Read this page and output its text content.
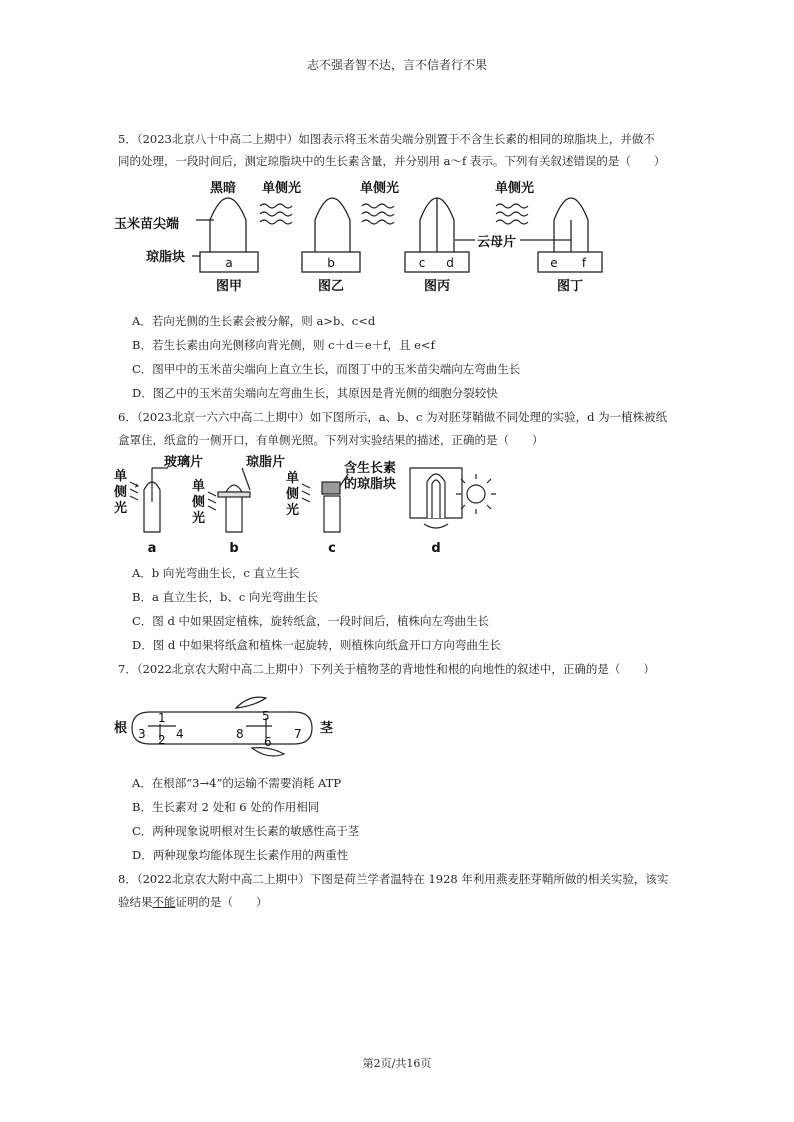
志不强者智不达，言不信者行不果
5．（2023北京八十中高二上期中）如图表示将玉米苗尖端分别置于不含生长素的相同的琼脂块上，并做不
同的处理，一段时间后，测定琼脂块中的生长素含量，并分别用 a～f 表示。下列有关叙述错误的是（　　）
黑暗 单侧光	单侧光	单侧光
玉米苗尖端
琼脂块
云母片
a	b	c d	e f
图甲	图乙	图丙	图丁
A．若向光侧的生长素会被分解，则 a>b、c<d
B．若生长素由向光侧移向背光侧，则 c＋d＝e＋f，且 e<f
C．图甲中的玉米苗尖端向上直立生长，而图丁中的玉米苗尖端向左弯曲生长
D．图乙中的玉米苗尖端向左弯曲生长，其原因是背光侧的细胞分裂较快
6．（2023北京一六六中高二上期中）如下图所示，a、b、c 为对胚芽鞘做不同处理的实验，d 为一植株被纸
盒罩住，纸盒的一侧开口，有单侧光照。下列对实验结果的描述，正确的是（　　）
单
侧
光
单
侧
光
单
侧
光
玻璃片	琼脂片	含生长素
的琼脂块
a	b	c	d
A．b 向光弯曲生长，c 直立生长
B．a 直立生长，b、c 向光弯曲生长
C．图 d 中如果固定植株，旋转纸盒，一段时间后，植株向左弯曲生长
D．图 d 中如果将纸盒和植株一起旋转，则植株向纸盒开口方向弯曲生长
7．（2022北京农大附中高二上期中）下列关于植物茎的背地性和根的向地性的叙述中，正确的是（　　）
根	茎
1
2
3	4
5
6
7
8
A．在根部“3→4”的运输不需要消耗 ATP
B．生长素对 2 处和 6 处的作用相同
C．两种现象说明根对生长素的敏感性高于茎
D．两种现象均能体现生长素作用的两重性
8．（2022北京农大附中高二上期中）下图是荷兰学者温特在 1928 年利用燕麦胚芽鞘所做的相关实验，该实
验结果不能证明的是（　　）
第2页/共16页
